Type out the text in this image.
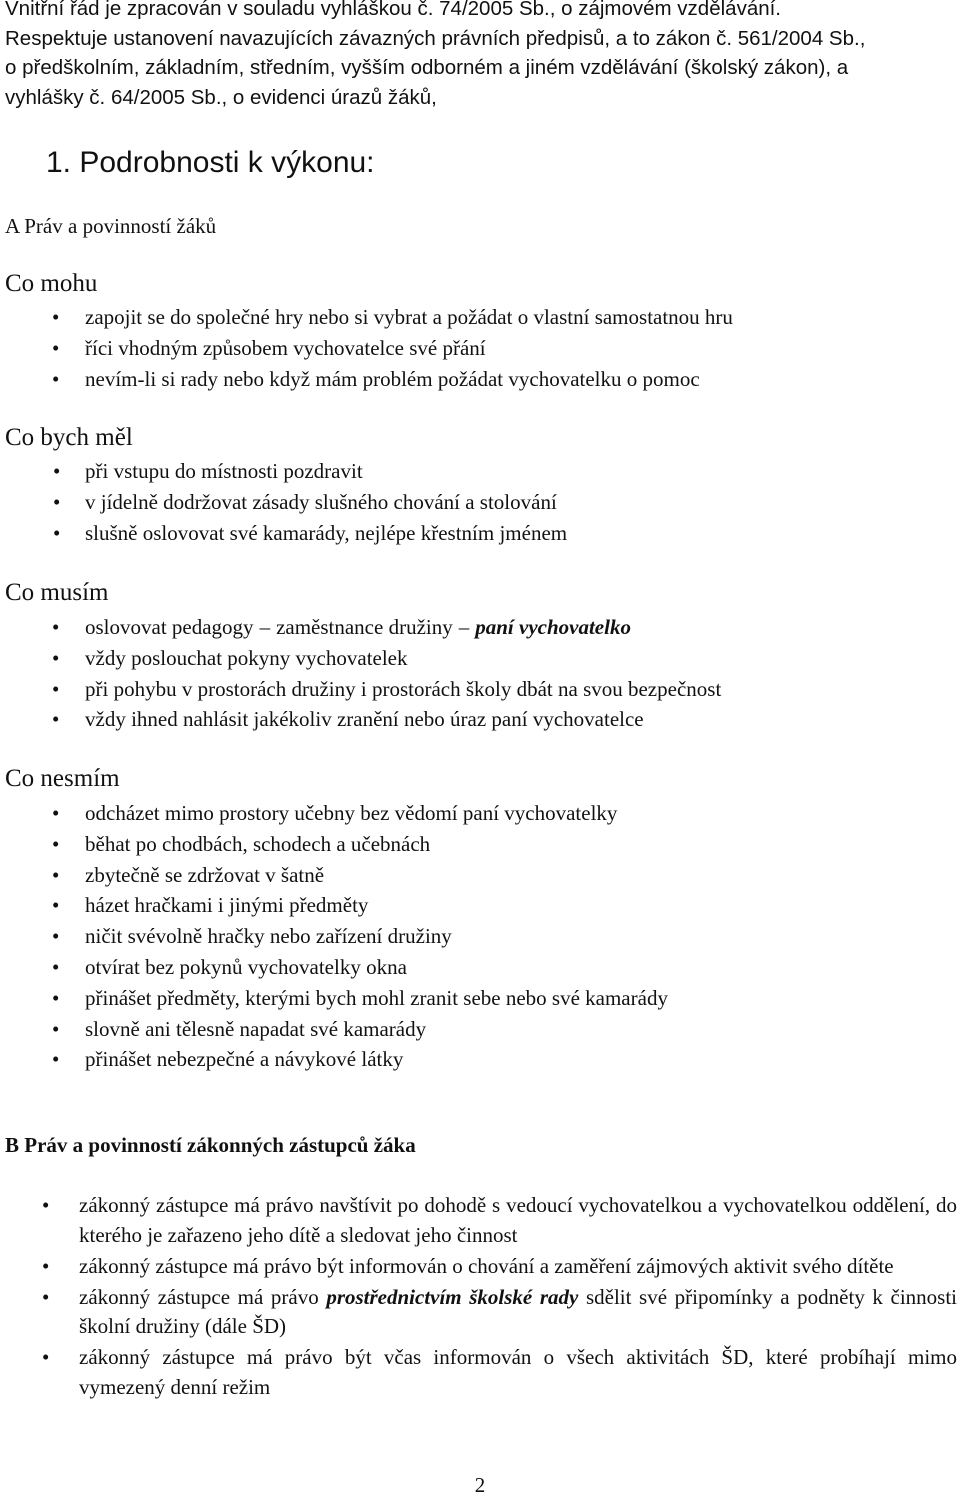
Vnitřní řád je zpracován v souladu vyhláškou č. 74/2005 Sb., o zájmovém vzdělávání.

Respektuje ustanovení navazujících závazných právních předpisů, a to zákon č. 561/2004 Sb.,

o předškolním, základním, středním, vyšším odborném a jiném vzdělávání (školský zákon), a

vyhlášky č. 64/2005 Sb., o evidenci úrazů žáků,

1. Podrobnosti k výkonu:
A Práv a povinností žáků
Co mohu
• zapojit se do společné hry nebo si vybrat a požádat o vlastní samostatnou hru
• říci vhodným způsobem vychovatelce své přání
• nevím-li si rady nebo když mám problém požádat vychovatelku o pomoc
Co bych měl
• při vstupu do místnosti pozdravit
• v jídelně dodržovat zásady slušného chování a stolování
• slušně oslovovat své kamarády, nejlépe křestním jménem
Co musím
• oslovovat pedagogy – zaměstnance družiny – paní vychovatelko
• vždy poslouchat pokyny vychovatelek
• při pohybu v prostorách družiny i prostorách školy dbát na svou bezpečnost
• vždy ihned nahlásit jakékoliv zranění nebo úraz paní vychovatelce
Co nesmím
• odcházet mimo prostory učebny bez vědomí paní vychovatelky
• běhat po chodbách, schodech a učebnách
• zbytečně se zdržovat v šatně
• házet hračkami i jinými předměty
• ničit svévolně hračky nebo zařízení družiny
• otvírat bez pokynů vychovatelky okna
• přinášet předměty, kterými bych mohl zranit sebe nebo své kamarády
• slovně ani tělesně napadat své kamarády
• přinášet nebezpečné a návykové látky
B Práv a povinností zákonných zástupců žáka
• zákonný zástupce má právo navštívit po dohodě s vedoucí vychovatelkou a vychovatelkou oddělení, do kterého je zařazeno jeho dítě a sledovat jeho činnost
• zákonný zástupce má právo být informován o chování a zaměření zájmových aktivit svého dítěte
• zákonný zástupce má právo prostřednictvím školské rady sdělit své připomínky a podněty k činnosti školní družiny (dále ŠD)
• zákonný zástupce má právo být včas informován o všech aktivitách ŠD, které probíhají mimo vymezený denní režim
2
